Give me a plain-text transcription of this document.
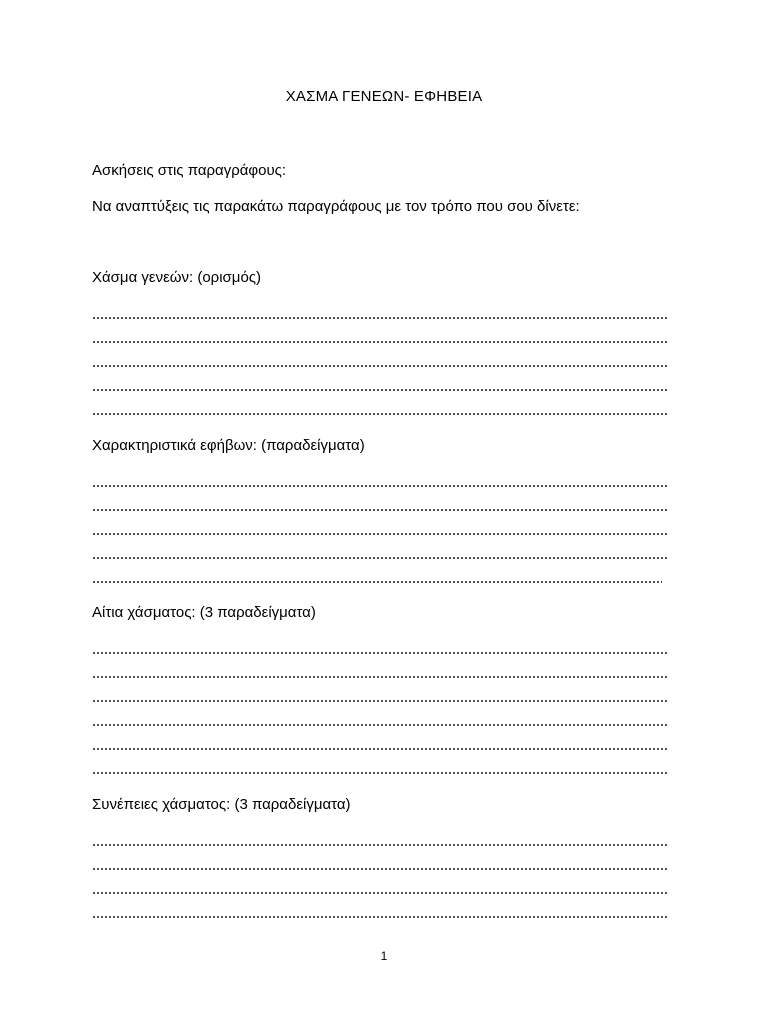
ΧΑΣΜΑ ΓΕΝΕΩΝ- ΕΦΗΒΕΙΑ
Ασκήσεις στις παραγράφους:
Να αναπτύξεις τις παρακάτω παραγράφους με τον τρόπο που σου δίνετε:
Χάσμα γενεών: (ορισμός)
Χαρακτηριστικά εφήβων: (παραδείγματα)
Αίτια χάσματος: (3 παραδείγματα)
Συνέπειες χάσματος: (3 παραδείγματα)
1
